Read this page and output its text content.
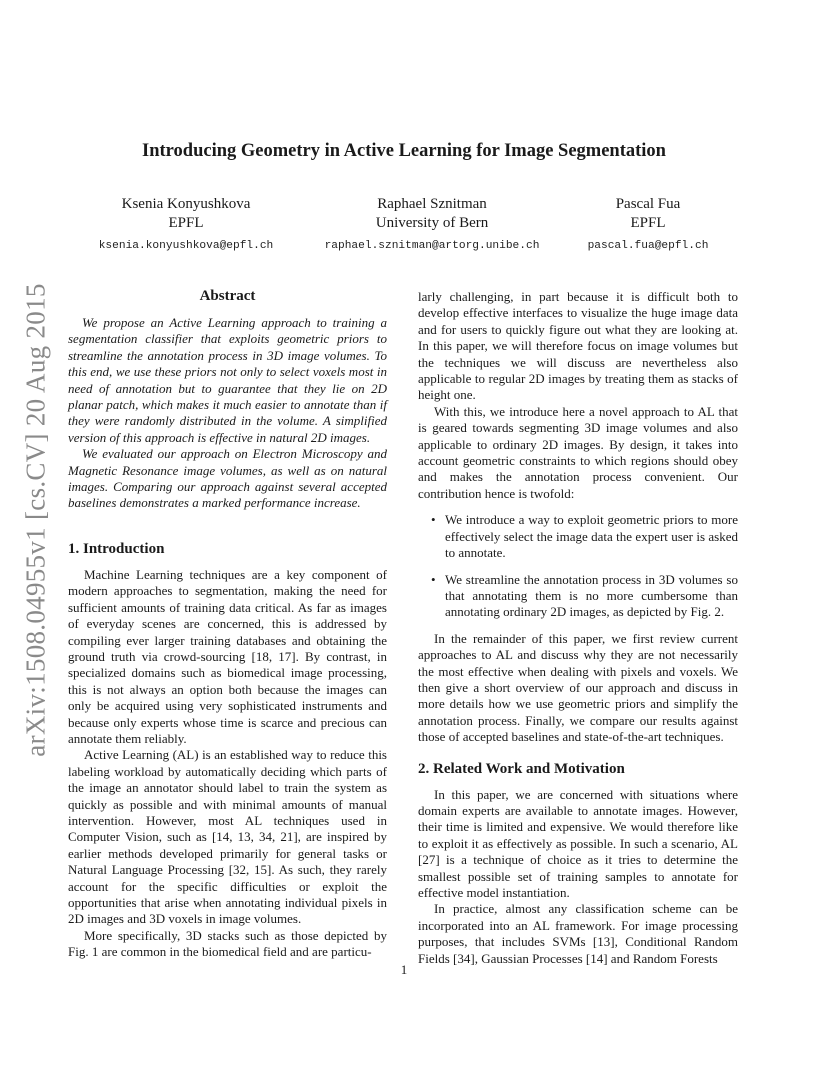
arXiv:1508.04955v1 [cs.CV] 20 Aug 2015
Introducing Geometry in Active Learning for Image Segmentation
Ksenia Konyushkova
EPFL
ksenia.konyushkova@epfl.ch
Raphael Sznitman
University of Bern
raphael.sznitman@artorg.unibe.ch
Pascal Fua
EPFL
pascal.fua@epfl.ch
Abstract

We propose an Active Learning approach to training a segmentation classifier that exploits geometric priors to streamline the annotation process in 3D image volumes. To this end, we use these priors not only to select voxels most in need of annotation but to guarantee that they lie on 2D planar patch, which makes it much easier to annotate than if they were randomly distributed in the volume. A simplified version of this approach is effective in natural 2D images.

We evaluated our approach on Electron Microscopy and Magnetic Resonance image volumes, as well as on natural images. Comparing our approach against several accepted baselines demonstrates a marked performance increase.

1. Introduction

Machine Learning techniques are a key component of modern approaches to segmentation, making the need for sufficient amounts of training data critical. As far as images of everyday scenes are concerned, this is addressed by compiling ever larger training databases and obtaining the ground truth via crowd-sourcing [18, 17]. By contrast, in specialized domains such as biomedical image processing, this is not always an option both because the images can only be acquired using very sophisticated instruments and because only experts whose time is scarce and precious can annotate them reliably.

Active Learning (AL) is an established way to reduce this labeling workload by automatically deciding which parts of the image an annotator should label to train the system as quickly as possible and with minimal amounts of manual intervention. However, most AL techniques used in Computer Vision, such as [14, 13, 34, 21], are inspired by earlier methods developed primarily for general tasks or Natural Language Processing [32, 15]. As such, they rarely account for the specific difficulties or exploit the opportunities that arise when annotating individual pixels in 2D images and 3D voxels in image volumes.

More specifically, 3D stacks such as those depicted by Fig. 1 are common in the biomedical field and are particu-

larly challenging, in part because it is difficult both to develop effective interfaces to visualize the huge image data and for users to quickly figure out what they are looking at. In this paper, we will therefore focus on image volumes but the techniques we will discuss are nevertheless also applicable to regular 2D images by treating them as stacks of height one.

With this, we introduce here a novel approach to AL that is geared towards segmenting 3D image volumes and also applicable to ordinary 2D images. By design, it takes into account geometric constraints to which regions should obey and makes the annotation process convenient. Our contribution hence is twofold:

• We introduce a way to exploit geometric priors to more effectively select the image data the expert user is asked to annotate.
• We streamline the annotation process in 3D volumes so that annotating them is no more cumbersome than annotating ordinary 2D images, as depicted by Fig. 2.

In the remainder of this paper, we first review current approaches to AL and discuss why they are not necessarily the most effective when dealing with pixels and voxels. We then give a short overview of our approach and discuss in more details how we use geometric priors and simplify the annotation process. Finally, we compare our results against those of accepted baselines and state-of-the-art techniques.

2. Related Work and Motivation

In this paper, we are concerned with situations where domain experts are available to annotate images. However, their time is limited and expensive. We would therefore like to exploit it as effectively as possible. In such a scenario, AL [27] is a technique of choice as it tries to determine the smallest possible set of training samples to annotate for effective model instantiation.

In practice, almost any classification scheme can be incorporated into an AL framework. For image processing purposes, that includes SVMs [13], Conditional Random Fields [34], Gaussian Processes [14] and Random Forests

1
